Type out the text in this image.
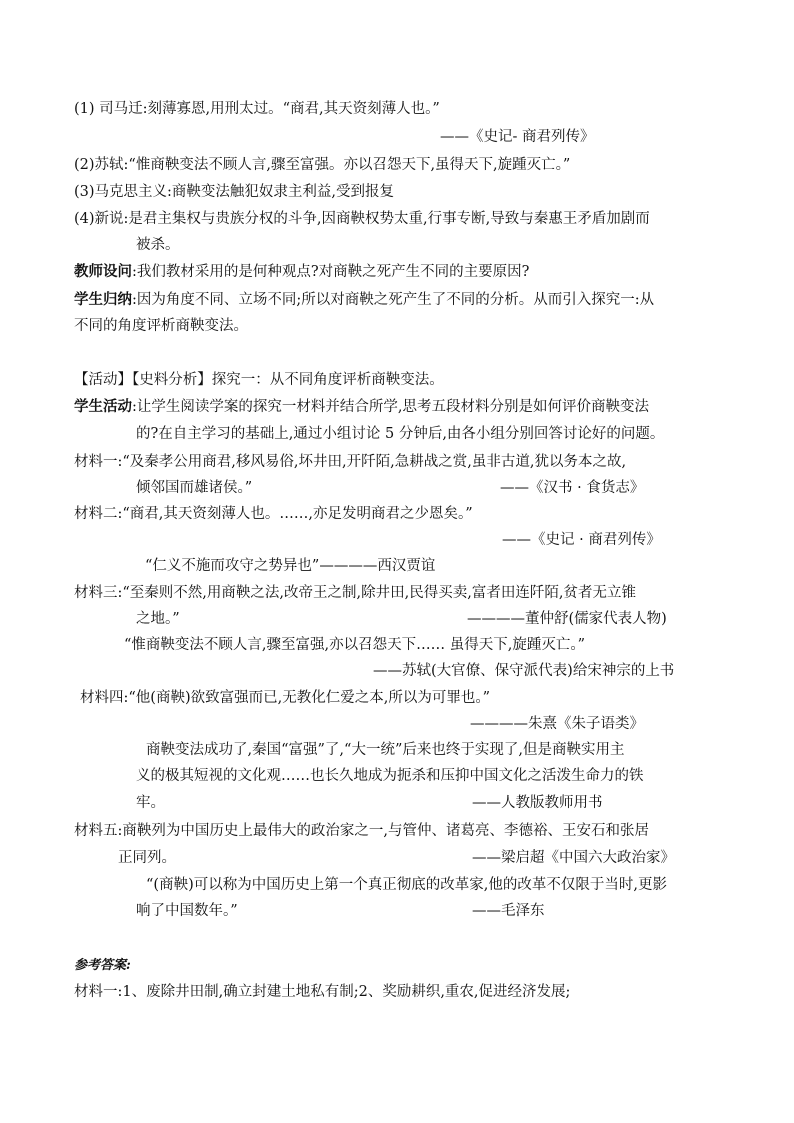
(1) 司马迁:刻薄寡恩,用刑太过。“商君,其天资刻薄人也。”
——《史记- 商君列传》
(2)苏轼:“惟商鞅变法不顾人言,骤至富强。亦以召怨天下,虽得天下,旋踵灭亡。”
(3)马克思主义:商鞅变法触犯奴隶主利益,受到报复
(4)新说:是君主集权与贵族分权的斗争,因商鞅权势太重,行事专断,导致与秦惠王矛盾加剧而
被杀。
教师设问:我们教材采用的是何种观点?对商鞅之死产生不同的主要原因?
学生归纳:因为角度不同、立场不同;所以对商鞅之死产生了不同的分析。从而引入探究一:从
不同的角度评析商鞅变法。
【活动】【史料分析】探究一：从不同角度评析商鞅变法。
学生活动:让学生阅读学案的探究一材料并结合所学,思考五段材料分别是如何评价商鞅变法
的?在自主学习的基础上,通过小组讨论 5 分钟后,由各小组分别回答讨论好的问题。
材料一:“及秦孝公用商君,移风易俗,坏井田,开阡陌,急耕战之赏,虽非古道,犹以务本之故,
倾邻国而雄诸侯。”	——《汉书 · 食货志》
材料二:“商君,其天资刻薄人也。……,亦足发明商君之少恩矣。”
——《史记 · 商君列传》
“仁义不施而攻守之势异也”————西汉贾谊
材料三:“至秦则不然,用商鞅之法,改帝王之制,除井田,民得买卖,富者田连阡陌,贫者无立锥
之地。”	————董仲舒(儒家代表人物)
“惟商鞅变法不顾人言,骤至富强,亦以召怨天下…… 虽得天下,旋踵灭亡。”
——苏轼(大官僚、保守派代表)给宋神宗的上书
材料四:“他(商鞅)欲致富强而已,无教化仁爱之本,所以为可罪也。”
————朱熹《朱子语类》
商鞅变法成功了,秦国“富强”了,“大一统”后来也终于实现了,但是商鞅实用主
义的极其短视的文化观……也长久地成为扼杀和压抑中国文化之活泼生命力的铁
牢。	——人教版教师用书
材料五:商鞅列为中国历史上最伟大的政治家之一,与管仲、诸葛亮、李德裕、王安石和张居
正同列。	——梁启超《中国六大政治家》
“(商鞅)可以称为中国历史上第一个真正彻底的改革家,他的改革不仅限于当时,更影
响了中国数年。”	——毛泽东
参考答案:
材料一:1、废除井田制,确立封建土地私有制;2、奖励耕织,重农,促进经济发展;
